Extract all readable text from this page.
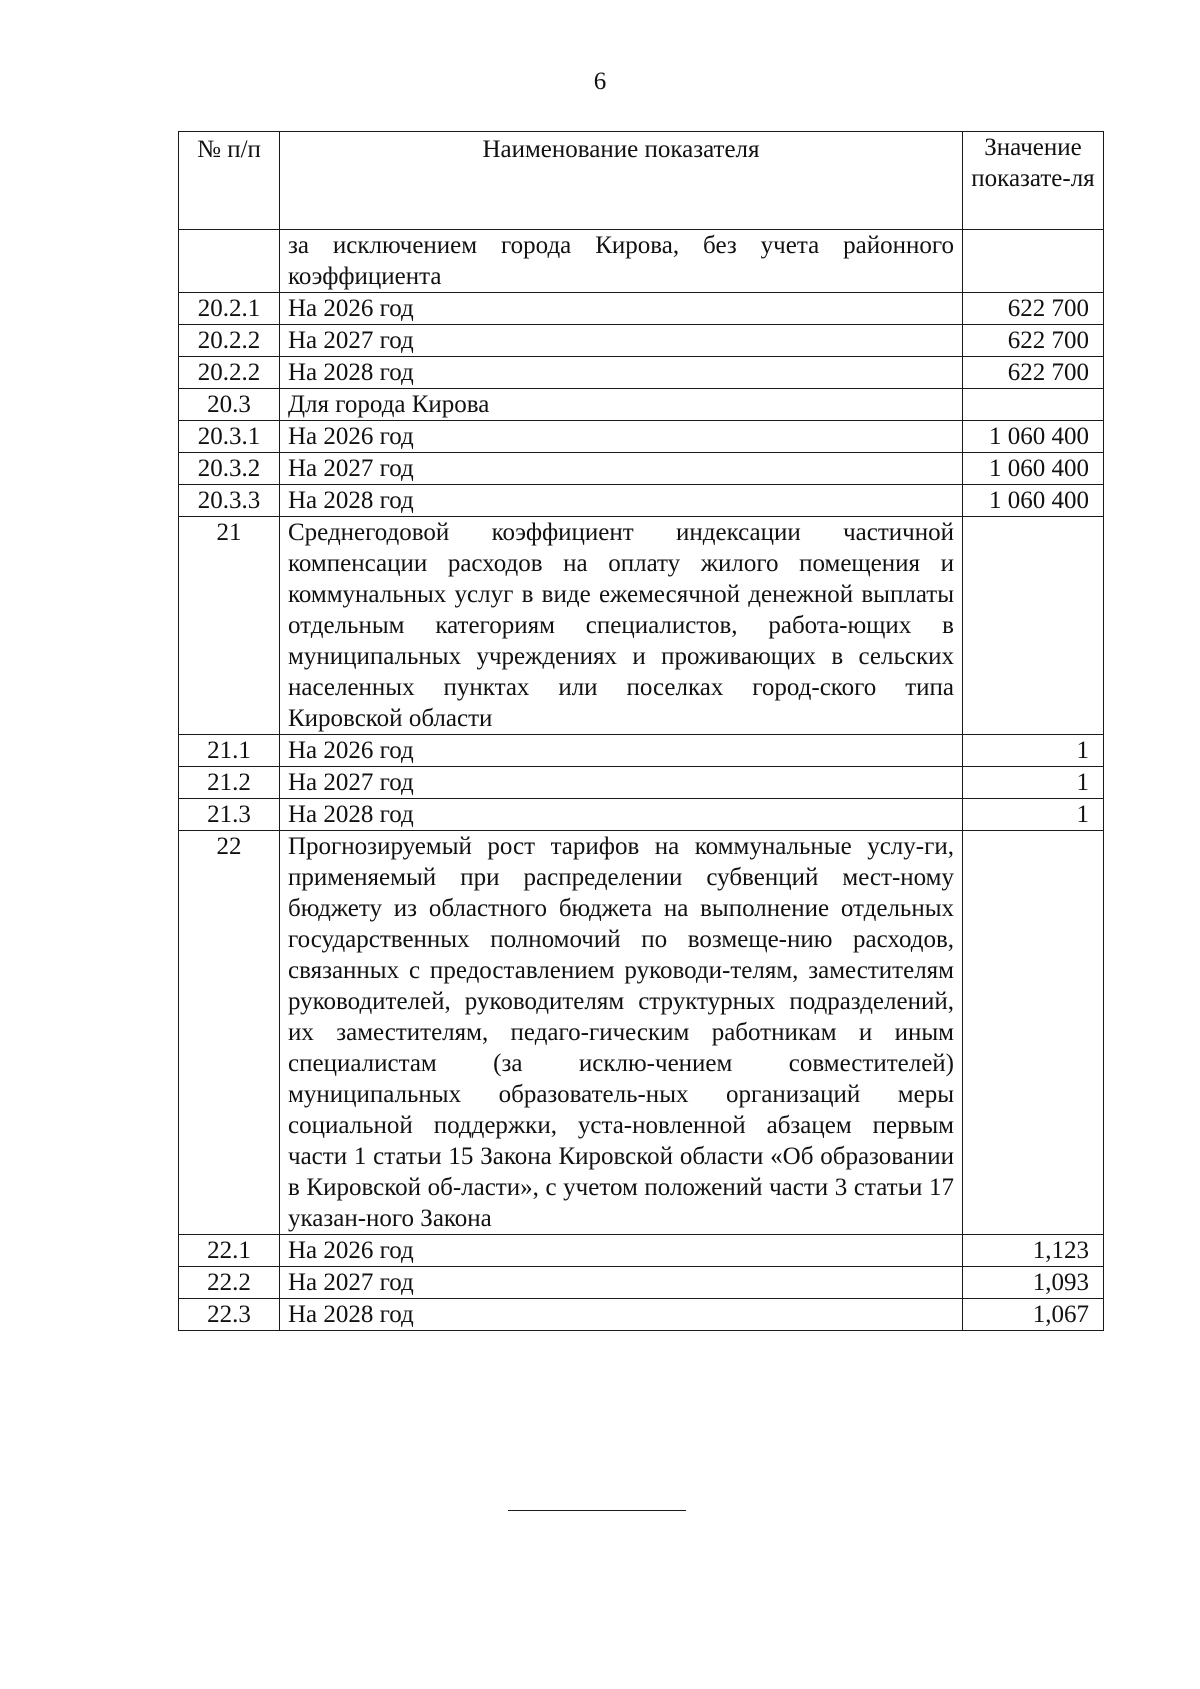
6
№ п/п	Наименование показателя	Значение показате-ля
	за исключением города Кирова, без учета районного коэффициента	
20.2.1	На 2026 год	622 700
20.2.2	На 2027 год	622 700
20.2.2	На 2028 год	622 700
20.3	Для города Кирова	
20.3.1	На 2026 год	1 060 400
20.3.2	На 2027 год	1 060 400
20.3.3	На 2028 год	1 060 400
21	Среднегодовой коэффициент индексации частичной компенсации расходов на оплату жилого помещения и коммунальных услуг в виде ежемесячной денежной выплаты отдельным категориям специалистов, работа-ющих в муниципальных учреждениях и проживающих в сельских населенных пунктах или поселках город-ского типа Кировской области	
21.1	На 2026 год	1
21.2	На 2027 год	1
21.3	На 2028 год	1
22	Прогнозируемый рост тарифов на коммунальные услу-ги, применяемый при распределении субвенций мест-ному бюджету из областного бюджета на выполнение отдельных государственных полномочий по возмеще-нию расходов, связанных с предоставлением руководи-телям, заместителям руководителей, руководителям структурных подразделений, их заместителям, педаго-гическим работникам и иным специалистам (за исклю-чением совместителей) муниципальных образователь-ных организаций меры социальной поддержки, уста-новленной абзацем первым части 1 статьи 15 Закона Кировской области «Об образовании в Кировской об-ласти», с учетом положений части 3 статьи 17 указан-ного Закона	
22.1	На 2026 год	1,123
22.2	На 2027 год	1,093
22.3	На 2028 год	1,067
